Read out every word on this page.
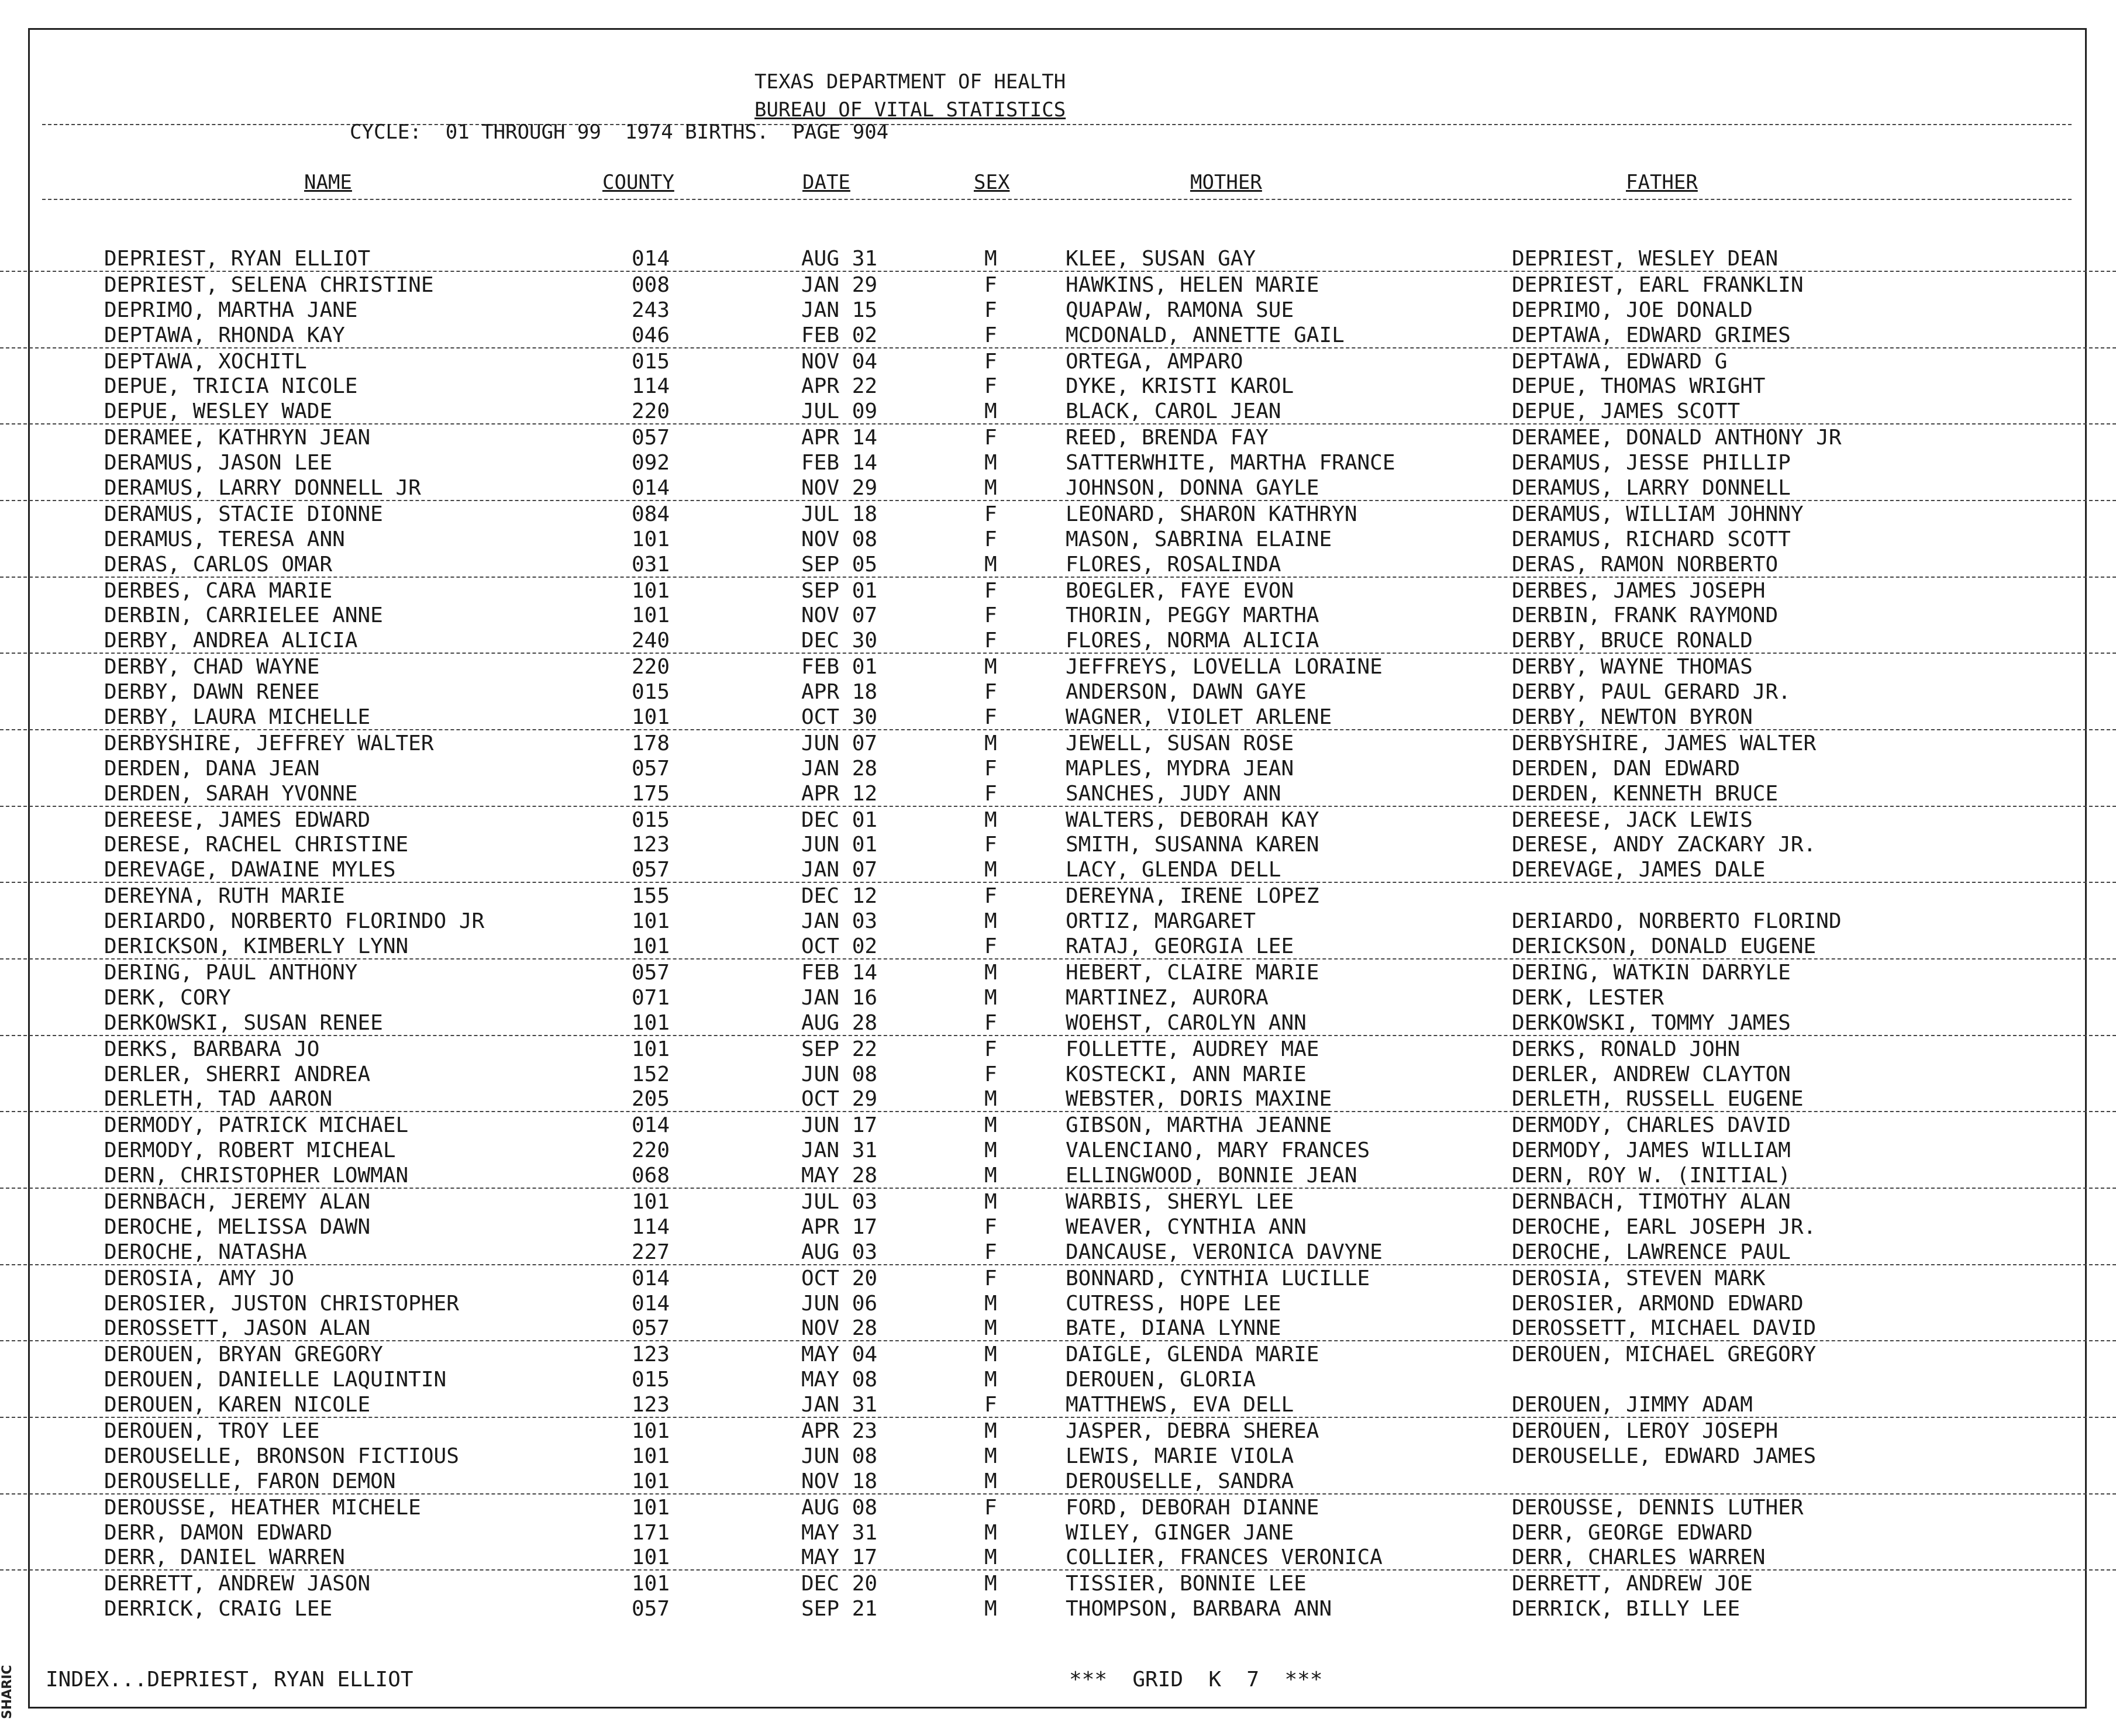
SHARIC
TEXAS DEPARTMENT OF HEALTH
BUREAU OF VITAL STATISTICS
CYCLE:  01 THROUGH 99  1974 BIRTHS.  PAGE 904
NAME	COUNTY	DATE	SEX	MOTHER	FATHER
DEPRIEST, RYAN ELLIOT	014	AUG 31	M	KLEE, SUSAN GAY	DEPRIEST, WESLEY DEAN
DEPRIEST, SELENA CHRISTINE	008	JAN 29	F	HAWKINS, HELEN MARIE	DEPRIEST, EARL FRANKLIN
DEPRIMO, MARTHA JANE	243	JAN 15	F	QUAPAW, RAMONA SUE	DEPRIMO, JOE DONALD
DEPTAWA, RHONDA KAY	046	FEB 02	F	MCDONALD, ANNETTE GAIL	DEPTAWA, EDWARD GRIMES
DEPTAWA, XOCHITL	015	NOV 04	F	ORTEGA, AMPARO	DEPTAWA, EDWARD G
DEPUE, TRICIA NICOLE	114	APR 22	F	DYKE, KRISTI KAROL	DEPUE, THOMAS WRIGHT
DEPUE, WESLEY WADE	220	JUL 09	M	BLACK, CAROL JEAN	DEPUE, JAMES SCOTT
DERAMEE, KATHRYN JEAN	057	APR 14	F	REED, BRENDA FAY	DERAMEE, DONALD ANTHONY JR
DERAMUS, JASON LEE	092	FEB 14	M	SATTERWHITE, MARTHA FRANCE	DERAMUS, JESSE PHILLIP
DERAMUS, LARRY DONNELL JR	014	NOV 29	M	JOHNSON, DONNA GAYLE	DERAMUS, LARRY DONNELL
DERAMUS, STACIE DIONNE	084	JUL 18	F	LEONARD, SHARON KATHRYN	DERAMUS, WILLIAM JOHNNY
DERAMUS, TERESA ANN	101	NOV 08	F	MASON, SABRINA ELAINE	DERAMUS, RICHARD SCOTT
DERAS, CARLOS OMAR	031	SEP 05	M	FLORES, ROSALINDA	DERAS, RAMON NORBERTO
DERBES, CARA MARIE	101	SEP 01	F	BOEGLER, FAYE EVON	DERBES, JAMES JOSEPH
DERBIN, CARRIELEE ANNE	101	NOV 07	F	THORIN, PEGGY MARTHA	DERBIN, FRANK RAYMOND
DERBY, ANDREA ALICIA	240	DEC 30	F	FLORES, NORMA ALICIA	DERBY, BRUCE RONALD
DERBY, CHAD WAYNE	220	FEB 01	M	JEFFREYS, LOVELLA LORAINE	DERBY, WAYNE THOMAS
DERBY, DAWN RENEE	015	APR 18	F	ANDERSON, DAWN GAYE	DERBY, PAUL GERARD JR.
DERBY, LAURA MICHELLE	101	OCT 30	F	WAGNER, VIOLET ARLENE	DERBY, NEWTON BYRON
DERBYSHIRE, JEFFREY WALTER	178	JUN 07	M	JEWELL, SUSAN ROSE	DERBYSHIRE, JAMES WALTER
DERDEN, DANA JEAN	057	JAN 28	F	MAPLES, MYDRA JEAN	DERDEN, DAN EDWARD
DERDEN, SARAH YVONNE	175	APR 12	F	SANCHES, JUDY ANN	DERDEN, KENNETH BRUCE
DEREESE, JAMES EDWARD	015	DEC 01	M	WALTERS, DEBORAH KAY	DEREESE, JACK LEWIS
DERESE, RACHEL CHRISTINE	123	JUN 01	F	SMITH, SUSANNA KAREN	DERESE, ANDY ZACKARY JR.
DEREVAGE, DAWAINE MYLES	057	JAN 07	M	LACY, GLENDA DELL	DEREVAGE, JAMES DALE
DEREYNA, RUTH MARIE	155	DEC 12	F	DEREYNA, IRENE LOPEZ
DERIARDO, NORBERTO FLORINDO JR	101	JAN 03	M	ORTIZ, MARGARET	DERIARDO, NORBERTO FLORIND
DERICKSON, KIMBERLY LYNN	101	OCT 02	F	RATAJ, GEORGIA LEE	DERICKSON, DONALD EUGENE
DERING, PAUL ANTHONY	057	FEB 14	M	HEBERT, CLAIRE MARIE	DERING, WATKIN DARRYLE
DERK, CORY	071	JAN 16	M	MARTINEZ, AURORA	DERK, LESTER
DERKOWSKI, SUSAN RENEE	101	AUG 28	F	WOEHST, CAROLYN ANN	DERKOWSKI, TOMMY JAMES
DERKS, BARBARA JO	101	SEP 22	F	FOLLETTE, AUDREY MAE	DERKS, RONALD JOHN
DERLER, SHERRI ANDREA	152	JUN 08	F	KOSTECKI, ANN MARIE	DERLER, ANDREW CLAYTON
DERLETH, TAD AARON	205	OCT 29	M	WEBSTER, DORIS MAXINE	DERLETH, RUSSELL EUGENE
DERMODY, PATRICK MICHAEL	014	JUN 17	M	GIBSON, MARTHA JEANNE	DERMODY, CHARLES DAVID
DERMODY, ROBERT MICHEAL	220	JAN 31	M	VALENCIANO, MARY FRANCES	DERMODY, JAMES WILLIAM
DERN, CHRISTOPHER LOWMAN	068	MAY 28	M	ELLINGWOOD, BONNIE JEAN	DERN, ROY W. (INITIAL)
DERNBACH, JEREMY ALAN	101	JUL 03	M	WARBIS, SHERYL LEE	DERNBACH, TIMOTHY ALAN
DEROCHE, MELISSA DAWN	114	APR 17	F	WEAVER, CYNTHIA ANN	DEROCHE, EARL JOSEPH JR.
DEROCHE, NATASHA	227	AUG 03	F	DANCAUSE, VERONICA DAVYNE	DEROCHE, LAWRENCE PAUL
DEROSIA, AMY JO	014	OCT 20	F	BONNARD, CYNTHIA LUCILLE	DEROSIA, STEVEN MARK
DEROSIER, JUSTON CHRISTOPHER	014	JUN 06	M	CUTRESS, HOPE LEE	DEROSIER, ARMOND EDWARD
DEROSSETT, JASON ALAN	057	NOV 28	M	BATE, DIANA LYNNE	DEROSSETT, MICHAEL DAVID
DEROUEN, BRYAN GREGORY	123	MAY 04	M	DAIGLE, GLENDA MARIE	DEROUEN, MICHAEL GREGORY
DEROUEN, DANIELLE LAQUINTIN	015	MAY 08	M	DEROUEN, GLORIA
DEROUEN, KAREN NICOLE	123	JAN 31	F	MATTHEWS, EVA DELL	DEROUEN, JIMMY ADAM
DEROUEN, TROY LEE	101	APR 23	M	JASPER, DEBRA SHEREA	DEROUEN, LEROY JOSEPH
DEROUSELLE, BRONSON FICTIOUS	101	JUN 08	M	LEWIS, MARIE VIOLA	DEROUSELLE, EDWARD JAMES
DEROUSELLE, FARON DEMON	101	NOV 18	M	DEROUSELLE, SANDRA
DEROUSSE, HEATHER MICHELE	101	AUG 08	F	FORD, DEBORAH DIANNE	DEROUSSE, DENNIS LUTHER
DERR, DAMON EDWARD	171	MAY 31	M	WILEY, GINGER JANE	DERR, GEORGE EDWARD
DERR, DANIEL WARREN	101	MAY 17	M	COLLIER, FRANCES VERONICA	DERR, CHARLES WARREN
DERRETT, ANDREW JASON	101	DEC 20	M	TISSIER, BONNIE LEE	DERRETT, ANDREW JOE
DERRICK, CRAIG LEE	057	SEP 21	M	THOMPSON, BARBARA ANN	DERRICK, BILLY LEE
INDEX...DEPRIEST, RYAN ELLIOT	***  GRID  K  7  ***
